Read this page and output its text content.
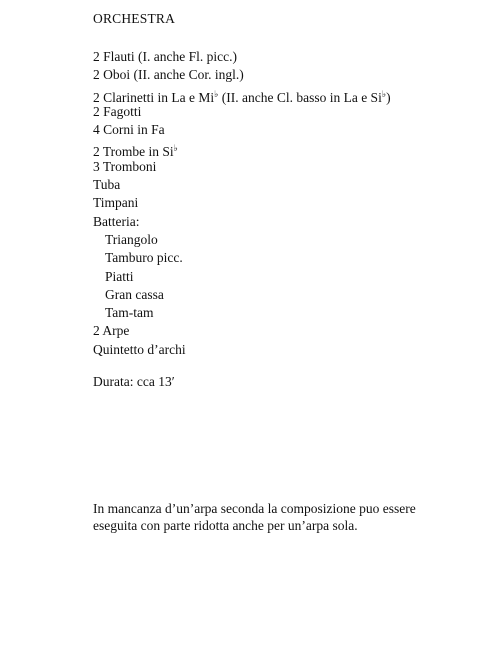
ORCHESTRA
2 Flauti (I. anche Fl. picc.)
2 Oboi (II. anche Cor. ingl.)
2 Clarinetti in La e Mi♭ (II. anche Cl. basso in La e Si♭)
2 Fagotti
4 Corni in Fa
2 Trombe in Si♭
3 Tromboni
Tuba
Timpani
Batteria:
Triangolo
Tamburo picc.
Piatti
Gran cassa
Tam-tam
2 Arpe
Quintetto d’archi
Durata: cca 13′

In mancanza d’un’arpa seconda la composizione puo essere eseguita con parte ridotta anche per un’arpa sola.
